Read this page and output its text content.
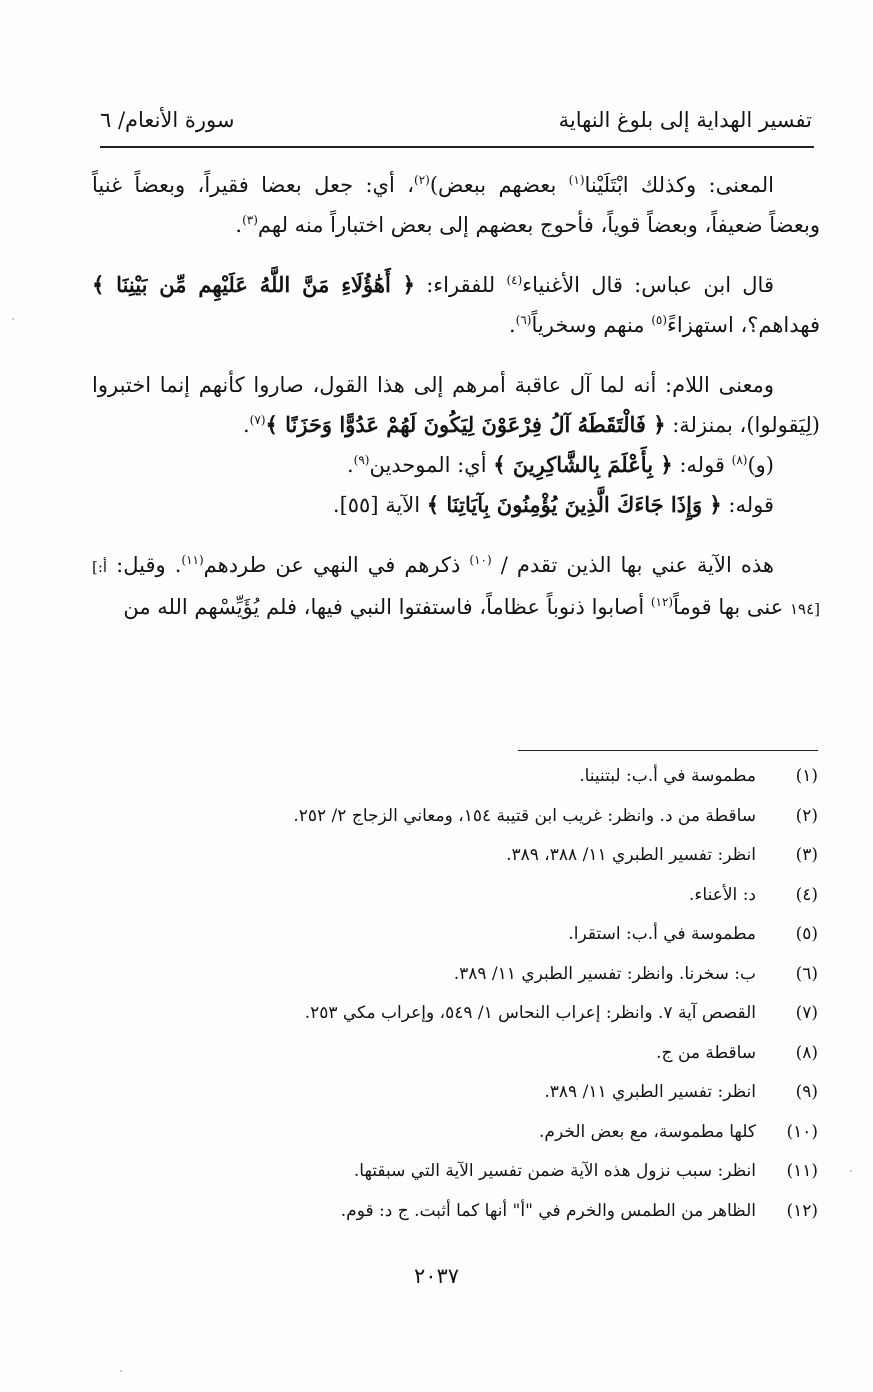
تفسير الهداية إلى بلوغ النهاية
سورة الأنعام/ ٦

المعنى: وكذلك ابْتَلَيْنا$^{(١)}$ بعضهم ببعض)$^{(٢)}$، أي: جعل بعضا فقيراً، وبعضاً غنياً وبعضاً ضعيفاً، وبعضاً قوياً، فأحوج بعضهم إلى بعض اختباراً منه لهم$^{(٣)}$.

قال ابن عباس: قال الأغنياء$^{(٤)}$ للفقراء: ﴿ أَهَٰؤُلَاءِ مَنَّ اللَّهُ عَلَيْهِم مِّن بَيْنِنَا ﴾ فهداهم؟، استهزاءً$^{(٥)}$ منهم وسخرياً$^{(٦)}$.

ومعنى اللام: أنه لما آل عاقبة أمرهم إلى هذا القول، صاروا كأنهم إنما اختبروا (لِيَقولوا)، بمنزلة: ﴿ فَالْتَقَطَهُ آلُ فِرْعَوْنَ لِيَكُونَ لَهُمْ عَدُوًّا وَحَزَنًا ﴾$^{(٧)}$.

(و)$^{(٨)}$ قوله: ﴿ بِأَعْلَمَ بِالشَّاكِرِينَ ﴾ أي: الموحدين$^{(٩)}$.

قوله: ﴿ وَإِذَا جَاءَكَ الَّذِينَ يُؤْمِنُونَ بِآيَاتِنَا ﴾ الآية [٥٥].

هذه الآية عني بها الذين تقدم / $^{(١٠)}$ ذكرهم في النهي عن طردهم$^{(١١)}$. وقيل: [أ: ١٩٤] عنى بها قوماً$^{(١٢)}$ أصابوا ذنوباً عظاماً، فاستفتوا النبي فيها، فلم يُؤَيِّسْهم الله من

(١)
مطموسة في أ.ب: لبتنينا.
(٢)
ساقطة من د. وانظر: غريب ابن قتيبة ١٥٤، ومعاني الزجاج ٢/ ٢٥٢.
(٣)
انظر: تفسير الطبري ١١/ ٣٨٨، ٣٨٩.
(٤)
د: الأعناء.
(٥)
مطموسة في أ.ب: استقرا.
(٦)
ب: سخرنا. وانظر: تفسير الطبري ١١/ ٣٨٩.
(٧)
القصص آية ٧. وانظر: إعراب النحاس ١/ ٥٤٩، وإعراب مكي ٢٥٣.
(٨)
ساقطة من ج.
(٩)
انظر: تفسير الطبري ١١/ ٣٨٩.
(١٠)
كلها مطموسة، مع بعض الخرم.
(١١)
انظر: سبب نزول هذه الآية ضمن تفسير الآية التي سبقتها.
(١٢)
الظاهر من الطمس والخرم في "أ" أنها كما أثبت. ج د: قوم.
٢٠٣٧
